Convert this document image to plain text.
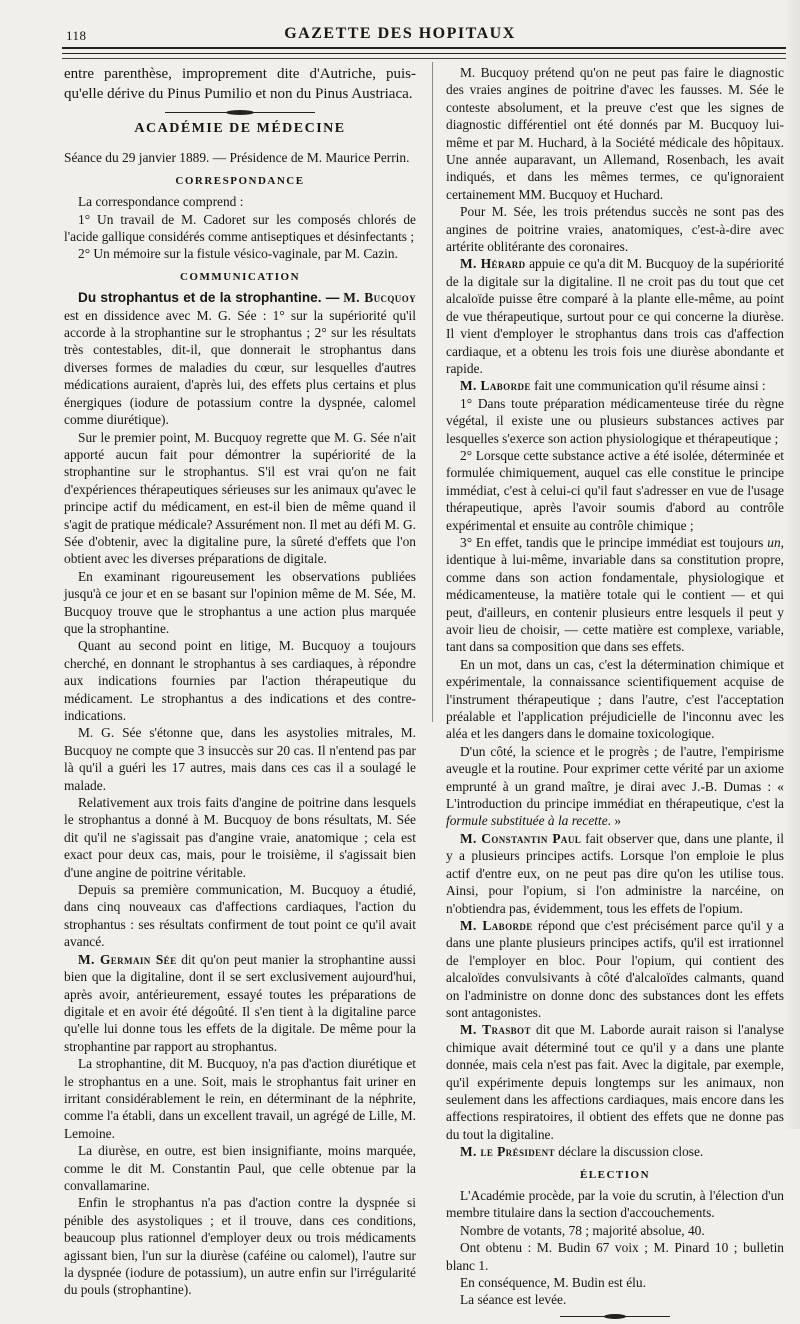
118	GAZETTE DES HOPITAUX

entre parenthèse, improprement dite d'Autriche, puis-qu'elle dérive du Pinus Pumilio et non du Pinus Austriaca.

ACADÉMIE DE MÉDECINE

Séance du 29 janvier 1889. — Présidence de M. Maurice Perrin.

CORRESPONDANCE

La correspondance comprend :

1° Un travail de M. Cadoret sur les composés chlorés de l'acide gallique considérés comme antiseptiques et désinfectants ;

2° Un mémoire sur la fistule vésico-vaginale, par M. Cazin.

COMMUNICATION

Du strophantus et de la strophantine. — M. Bucquoy est en dissidence avec M. G. Sée : 1° sur la supériorité qu'il accorde à la strophantine sur le strophantus ; 2° sur les résultats très contestables, dit-il, que donnerait le strophantus dans diverses formes de maladies du cœur, sur lesquelles d'autres médications auraient, d'après lui, des effets plus certains et plus énergiques (iodure de potassium contre la dyspnée, calomel comme diurétique).

Sur le premier point, M. Bucquoy regrette que M. G. Sée n'ait apporté aucun fait pour démontrer la supériorité de la strophantine sur le strophantus. S'il est vrai qu'on ne fait d'expériences thérapeutiques sérieuses sur les animaux qu'avec le principe actif du médicament, en est-il bien de même quand il s'agit de pratique médicale? Assurément non. Il met au défi M. G. Sée d'obtenir, avec la digitaline pure, la sûreté d'effets que l'on obtient avec les diverses préparations de digitale.

En examinant rigoureusement les observations publiées jusqu'à ce jour et en se basant sur l'opinion même de M. Sée, M. Bucquoy trouve que le strophantus a une action plus marquée que la strophantine.

Quant au second point en litige, M. Bucquoy a toujours cherché, en donnant le strophantus à ses cardiaques, à répondre aux indications fournies par l'action thérapeutique du médicament. Le strophantus a des indications et des contre-indications.

M. G. Sée s'étonne que, dans les asystolies mitrales, M. Bucquoy ne compte que 3 insuccès sur 20 cas. Il n'entend pas par là qu'il a guéri les 17 autres, mais dans ces cas il a soulagé le malade.

Relativement aux trois faits d'angine de poitrine dans lesquels le strophantus a donné à M. Bucquoy de bons résultats, M. Sée dit qu'il ne s'agissait pas d'angine vraie, anatomique ; cela est exact pour deux cas, mais, pour le troisième, il s'agissait bien d'une angine de poitrine véritable.

Depuis sa première communication, M. Bucquoy a étudié, dans cinq nouveaux cas d'affections cardiaques, l'action du strophantus : ses résultats confirment de tout point ce qu'il avait avancé.

M. Germain Sée dit qu'on peut manier la strophantine aussi bien que la digitaline, dont il se sert exclusivement aujourd'hui, après avoir, antérieurement, essayé toutes les préparations de digitale et en avoir été dégoûté. Il s'en tient à la digitaline parce qu'elle lui donne tous les effets de la digitale. De même pour la strophantine par rapport au strophantus.

La strophantine, dit M. Bucquoy, n'a pas d'action diurétique et le strophantus en a une. Soit, mais le strophantus fait uriner en irritant considérablement le rein, en déterminant de la néphrite, comme l'a établi, dans un excellent travail, un agrégé de Lille, M. Lemoine.

La diurèse, en outre, est bien insignifiante, moins marquée, comme le dit M. Constantin Paul, que celle obtenue par la convallamarine.

Enfin le strophantus n'a pas d'action contre la dyspnée si pénible des asystoliques ; et il trouve, dans ces conditions, beaucoup plus rationnel d'employer deux ou trois médicaments agissant bien, l'un sur la diurèse (caféine ou calomel), l'autre sur la dyspnée (iodure de potassium), un autre enfin sur l'irrégularité du pouls (strophantine).

M. Bucquoy prétend qu'on ne peut pas faire le diagnostic des vraies angines de poitrine d'avec les fausses. M. Sée le conteste absolument, et la preuve c'est que les signes de diagnostic différentiel ont été donnés par M. Bucquoy lui-même et par M. Huchard, à la Société médicale des hôpitaux. Une année auparavant, un Allemand, Rosenbach, les avait indiqués, et dans les mêmes termes, ce qu'ignoraient certainement MM. Bucquoy et Huchard.

Pour M. Sée, les trois prétendus succès ne sont pas des angines de poitrine vraies, anatomiques, c'est-à-dire avec artérite oblitérante des coronaires.

M. Hérard appuie ce qu'a dit M. Bucquoy de la supériorité de la digitale sur la digitaline. Il ne croit pas du tout que cet alcaloïde puisse être comparé à la plante elle-même, au point de vue thérapeutique, surtout pour ce qui concerne la diurèse. Il vient d'employer le strophantus dans trois cas d'affection cardiaque, et a obtenu les trois fois une diurèse abondante et rapide.

M. Laborde fait une communication qu'il résume ainsi :

1° Dans toute préparation médicamenteuse tirée du règne végétal, il existe une ou plusieurs substances actives par lesquelles s'exerce son action physiologique et thérapeutique ;

2° Lorsque cette substance active a été isolée, déterminée et formulée chimiquement, auquel cas elle constitue le principe immédiat, c'est à celui-ci qu'il faut s'adresser en vue de l'usage thérapeutique, après l'avoir soumis d'abord au contrôle expérimental et ensuite au contrôle chimique ;

3° En effet, tandis que le principe immédiat est toujours un, identique à lui-même, invariable dans sa constitution propre, comme dans son action fondamentale, physiologique et médicamenteuse, la matière totale qui le contient — et qui peut, d'ailleurs, en contenir plusieurs entre lesquels il peut y avoir lieu de choisir, — cette matière est complexe, variable, tant dans sa composition que dans ses effets.

En un mot, dans un cas, c'est la détermination chimique et expérimentale, la connaissance scientifiquement acquise de l'instrument thérapeutique ; dans l'autre, c'est l'acceptation préalable et l'application préjudicielle de l'inconnu avec les aléa et les dangers dans le domaine toxicologique.

D'un côté, la science et le progrès ; de l'autre, l'empirisme aveugle et la routine. Pour exprimer cette vérité par un axiome emprunté à un grand maître, je dirai avec J.-B. Dumas : « L'introduction du principe immédiat en thérapeutique, c'est la formule substituée à la recette. »

M. Constantin Paul fait observer que, dans une plante, il y a plusieurs principes actifs. Lorsque l'on emploie le plus actif d'entre eux, on ne peut pas dire qu'on les utilise tous. Ainsi, pour l'opium, si l'on administre la narcéine, on n'obtiendra pas, évidemment, tous les effets de l'opium.

M. Laborde répond que c'est précisément parce qu'il y a dans une plante plusieurs principes actifs, qu'il est irrationnel de l'employer en bloc. Pour l'opium, qui contient des alcaloïdes convulsivants à côté d'alcaloïdes calmants, quand on l'administre on donne donc des substances dont les effets sont antagonistes.

M. Trasbot dit que M. Laborde aurait raison si l'analyse chimique avait déterminé tout ce qu'il y a dans une plante donnée, mais cela n'est pas fait. Avec la digitale, par exemple, qu'il expérimente depuis longtemps sur les animaux, non seulement dans les affections cardiaques, mais encore dans les affections respiratoires, il obtient des effets que ne donne pas du tout la digitaline.

M. le Président déclare la discussion close.

ÉLECTION

L'Académie procède, par la voie du scrutin, à l'élection d'un membre titulaire dans la section d'accouchements.

Nombre de votants, 78 ; majorité absolue, 40.

Ont obtenu : M. Budin 67 voix ; M. Pinard 10 ; bulletin blanc 1.

En conséquence, M. Budin est élu.

La séance est levée.
